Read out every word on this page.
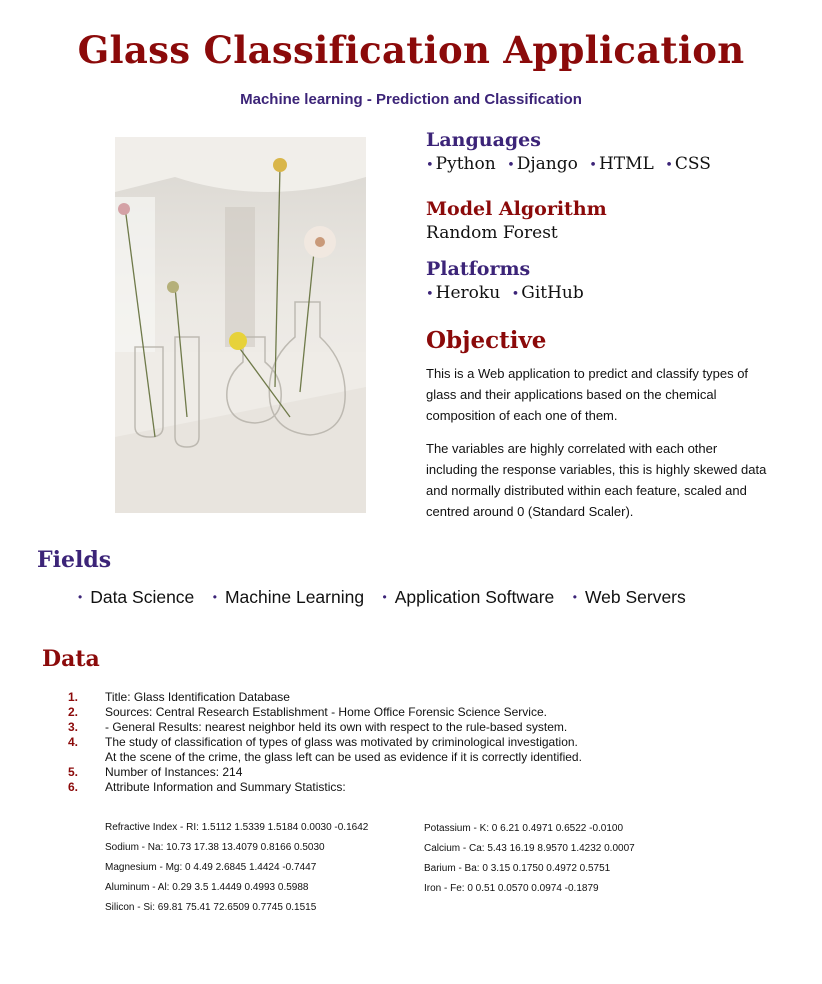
Glass Classification Application
Machine learning - Prediction and Classification
Languages
• Python • Django • HTML • CSS
Model Algorithm
Random Forest
Platforms
• Heroku • GitHub
Objective

This is a Web application to predict and classify types of glass and their applications based on the chemical composition of each one of them.

The variables are highly correlated with each other including the response variables, this is highly skewed data and normally distributed within each feature, scaled and centred around 0 (Standard Scaler).

Fields
• Data Science • Machine Learning • Application Software • Web Servers
Data
1.	Title: Glass Identification Database
2.	Sources: Central Research Establishment - Home Office Forensic Science Service.
3.	- General Results: nearest neighbor held its own with respect to the rule-based system.
4.	The study of classification of types of glass was motivated by criminological investigation.
At the scene of the crime, the glass left can be used as evidence if it is correctly identified.
5.	Number of Instances: 214
6.	Attribute Information and Summary Statistics:
Refractive Index - RI: 1.5112 1.5339 1.5184 0.0030 -0.1642
Sodium - Na: 10.73 17.38 13.4079 0.8166 0.5030
Magnesium - Mg: 0 4.49 2.6845 1.4424 -0.7447
Aluminum - Al: 0.29 3.5 1.4449 0.4993 0.5988
Silicon - Si: 69.81 75.41 72.6509 0.7745 0.1515
Potassium - K: 0 6.21 0.4971 0.6522 -0.0100
Calcium - Ca: 5.43 16.19 8.9570 1.4232 0.0007
Barium - Ba: 0 3.15 0.1750 0.4972 0.5751
Iron - Fe: 0 0.51 0.0570 0.0974 -0.1879
